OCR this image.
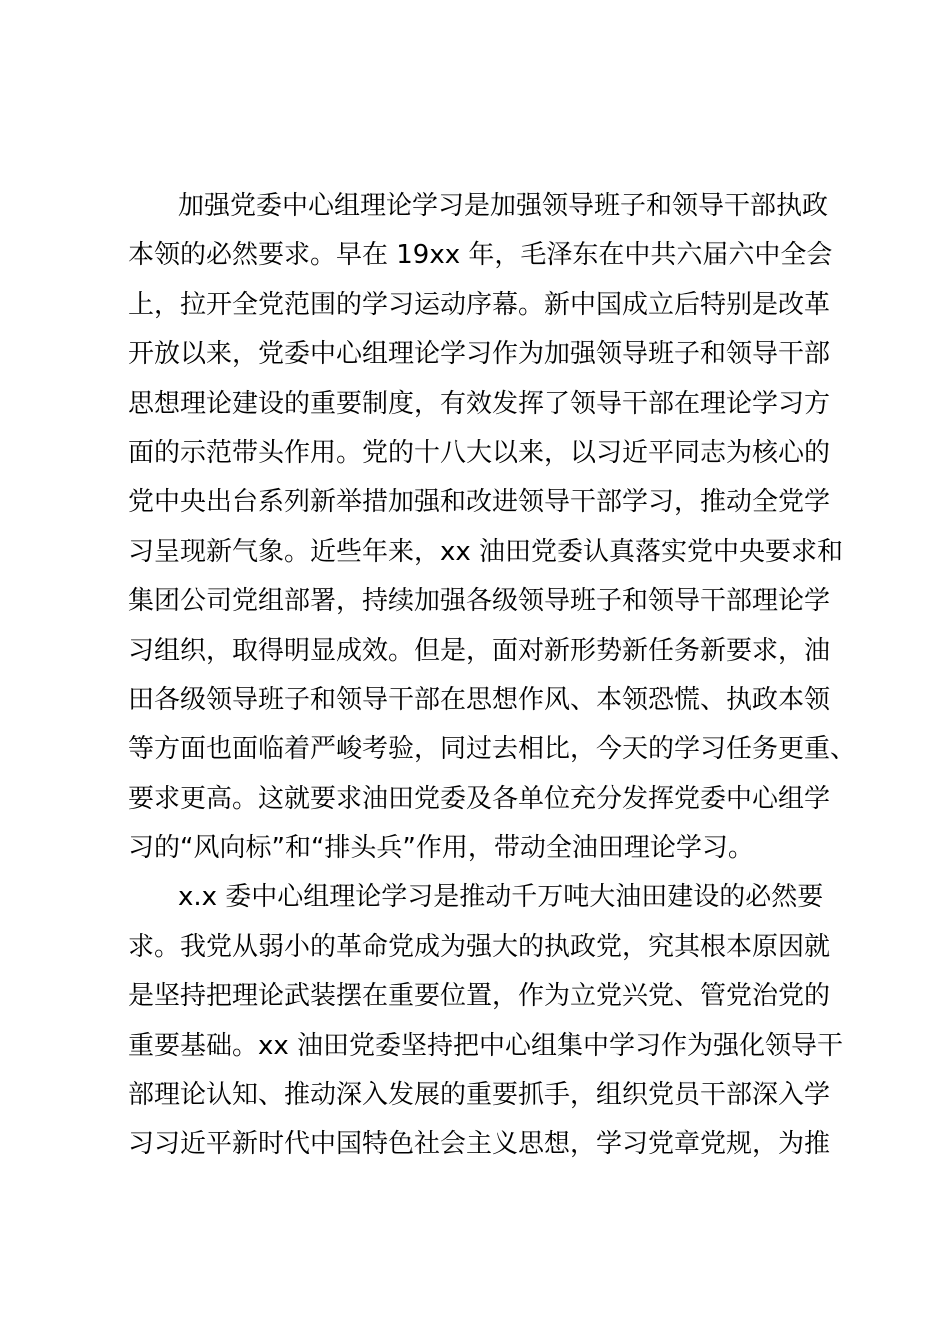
加强党委中心组理论学习是加强领导班子和领导干部执政
本领的必然要求。早在 19xx 年，毛泽东在中共六届六中全会
上，拉开全党范围的学习运动序幕。新中国成立后特别是改革
开放以来，党委中心组理论学习作为加强领导班子和领导干部
思想理论建设的重要制度，有效发挥了领导干部在理论学习方
面的示范带头作用。党的十八大以来，以习近平同志为核心的
党中央出台系列新举措加强和改进领导干部学习，推动全党学
习呈现新气象。近些年来，xx 油田党委认真落实党中央要求和
集团公司党组部署，持续加强各级领导班子和领导干部理论学
习组织，取得明显成效。但是，面对新形势新任务新要求，油
田各级领导班子和领导干部在思想作风、本领恐慌、执政本领
等方面也面临着严峻考验，同过去相比，今天的学习任务更重、
要求更高。这就要求油田党委及各单位充分发挥党委中心组学
习的“风向标”和“排头兵”作用，带动全油田理论学习。
x.x 委中心组理论学习是推动千万吨大油田建设的必然要
求。我党从弱小的革命党成为强大的执政党，究其根本原因就
是坚持把理论武装摆在重要位置，作为立党兴党、管党治党的
重要基础。xx 油田党委坚持把中心组集中学习作为强化领导干
部理论认知、推动深入发展的重要抓手，组织党员干部深入学
习习近平新时代中国特色社会主义思想，学习党章党规，为推
